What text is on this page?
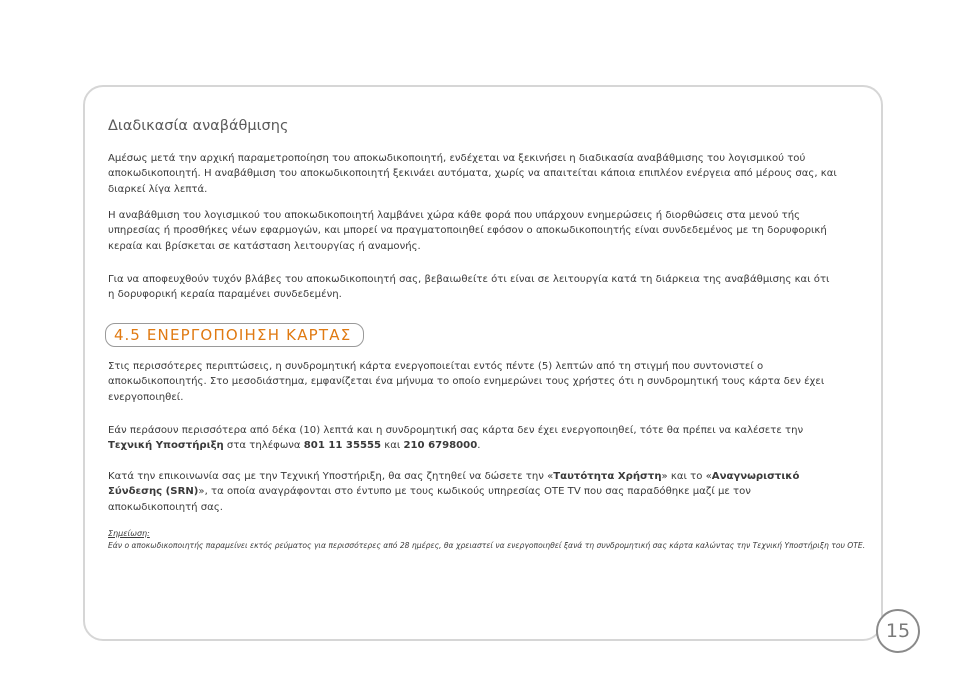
Διαδικασία αναβάθμισης

Αμέσως μετά την αρχική παραμετροποίηση του αποκωδικοποιητή, ενδέχεται να ξεκινήσει η διαδικασία αναβάθμισης του λογισμικού τού αποκωδικοποιητή. Η αναβάθμιση του αποκωδικοποιητή ξεκινάει αυτόματα, χωρίς να απαιτείται κάποια επιπλέον ενέργεια από μέρους σας, και διαρκεί λίγα λεπτά.

Η αναβάθμιση του λογισμικού του αποκωδικοποιητή λαμβάνει χώρα κάθε φορά που υπάρχουν ενημερώσεις ή διορθώσεις στα μενού τής υπηρεσίας ή προσθήκες νέων εφαρμογών, και μπορεί να πραγματοποιηθεί εφόσον ο αποκωδικοποιητής είναι συνδεδεμένος με τη δορυφορική κεραία και βρίσκεται σε κατάσταση λειτουργίας ή αναμονής.

Για να αποφευχθούν τυχόν βλάβες του αποκωδικοποιητή σας, βεβαιωθείτε ότι είναι σε λειτουργία κατά τη διάρκεια της αναβάθμισης και ότι η δορυφορική κεραία παραμένει συνδεδεμένη.

4.5 ΕΝΕΡΓΟΠΟΙΗΣΗ ΚΑΡΤΑΣ

Στις περισσότερες περιπτώσεις, η συνδρομητική κάρτα ενεργοποιείται εντός πέντε (5) λεπτών από τη στιγμή που συντονιστεί ο αποκωδικοποιητής. Στο μεσοδιάστημα, εμφανίζεται ένα μήνυμα το οποίο ενημερώνει τους χρήστες ότι η συνδρομητική τους κάρτα δεν έχει ενεργοποιηθεί.

Εάν περάσουν περισσότερα από δέκα (10) λεπτά και η συνδρομητική σας κάρτα δεν έχει ενεργοποιηθεί, τότε θα πρέπει να καλέσετε την Τεχνική Υποστήριξη στα τηλέφωνα 801 11 35555 και 210 6798000.

Κατά την επικοινωνία σας με την Τεχνική Υποστήριξη, θα σας ζητηθεί να δώσετε την «Ταυτότητα Χρήστη» και το «Αναγνωριστικό Σύνδεσης (SRN)», τα οποία αναγράφονται στο έντυπο με τους κωδικούς υπηρεσίας OTE TV που σας παραδόθηκε μαζί με τον αποκωδικοποιητή σας.

Σημείωση:
Εάν ο αποκωδικοποιητής παραμείνει εκτός ρεύματος για περισσότερες από 28 ημέρες, θα χρειαστεί να ενεργοποιηθεί ξανά τη συνδρομητική σας κάρτα καλώντας την Τεχνική Υποστήριξη του ΟΤΕ.
15
